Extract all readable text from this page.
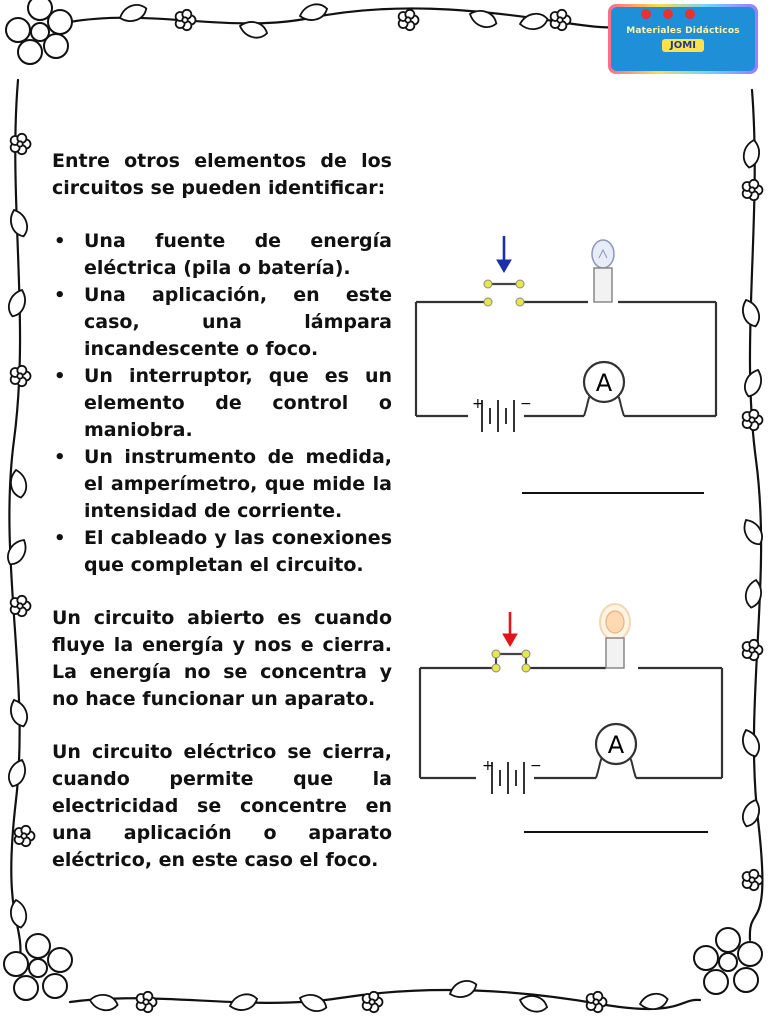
Materiales Didácticos
JOMI

Entre otros elementos de los circuitos se pueden identificar:

• Una fuente de energía eléctrica (pila o batería).
• Una aplicación, en este caso, una lámpara incandescente o foco.
• Un interruptor, que es un elemento de control o maniobra.
• Un instrumento de medida, el amperímetro, que mide la intensidad de corriente.
• El cableado y las conexiones que completan el circuito.

Un circuito abierto es cuando fluye la energía y nos e cierra. La energía no se concentra y no hace funcionar un aparato.

Un circuito eléctrico se cierra, cuando permite que la electricidad se concentre en una aplicación o aparato eléctrico, en este caso el foco.

+	−
A
+	−
A
